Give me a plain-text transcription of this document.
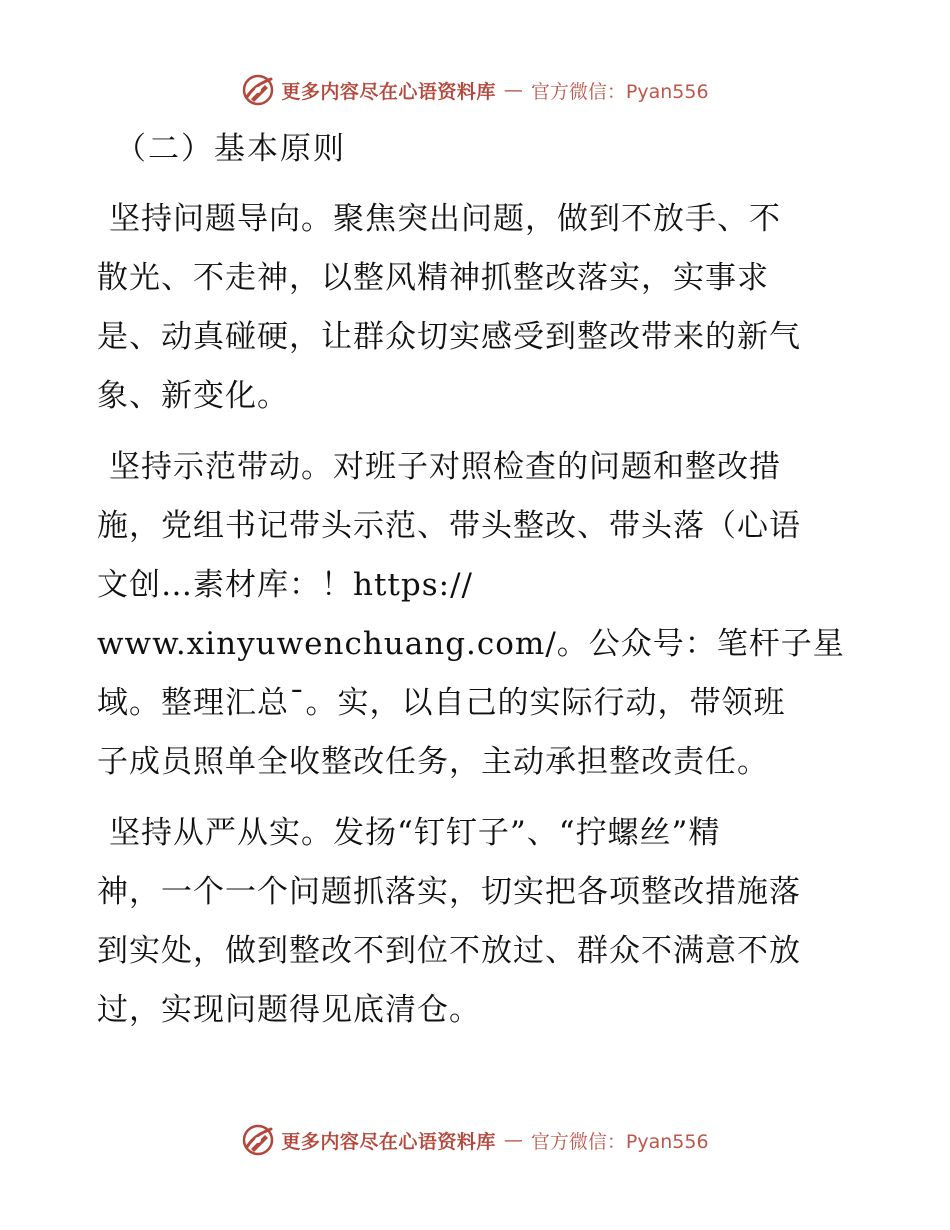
更多内容尽在心语资料库 — 官方微信：Pyan556
（二）基本原则
坚持问题导向。聚焦突出问题，做到不放手、不
散光、不走神，以整风精神抓整改落实，实事求
是、动真碰硬，让群众切实感受到整改带来的新气
象、新变化。
坚持示范带动。对班子对照检查的问题和整改措
施，党组书记带头示范、带头整改、带头落（心语
文创…素材库：！https://
www.xinyuwenchuang.com/。公众号：笔杆子星
域。整理汇总¯。实，以自己的实际行动，带领班
子成员照单全收整改任务，主动承担整改责任。
坚持从严从实。发扬“钉钉子”、“拧螺丝”精
神，一个一个问题抓落实，切实把各项整改措施落
到实处，做到整改不到位不放过、群众不满意不放
过，实现问题得见底清仓。
更多内容尽在心语资料库 — 官方微信：Pyan556
